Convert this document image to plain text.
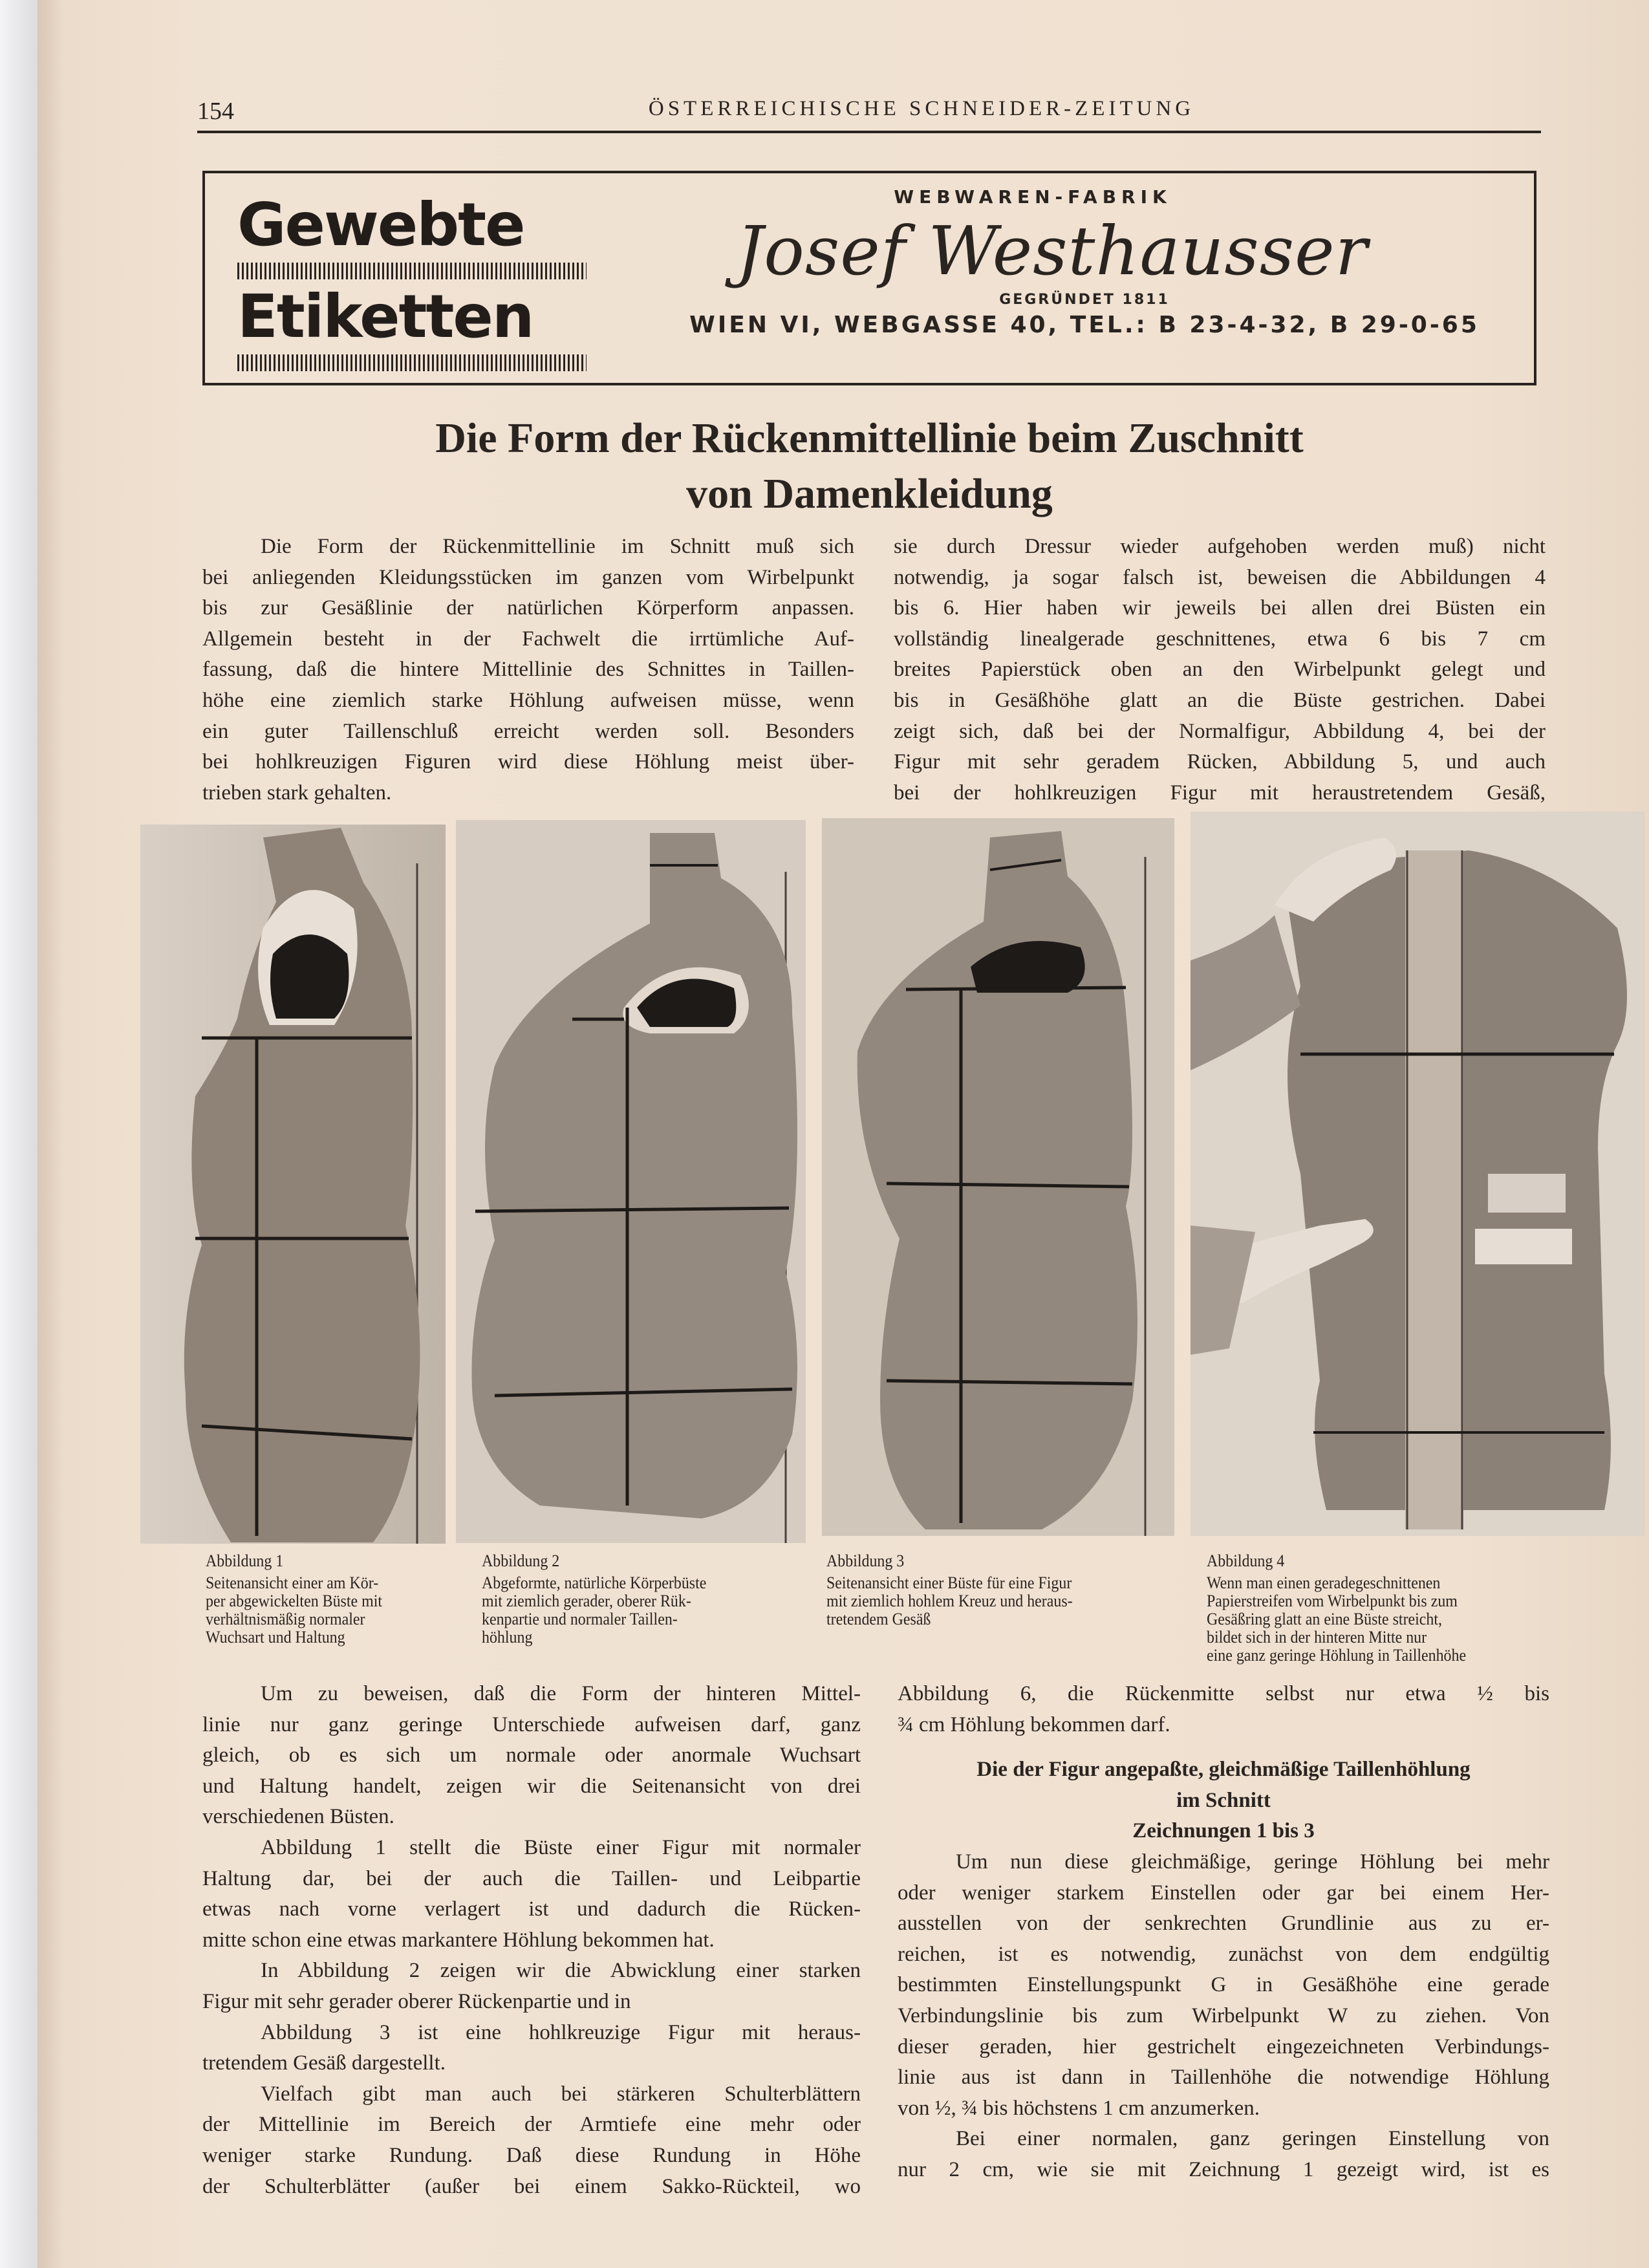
154	ÖSTERREICHISCHE SCHNEIDER-ZEITUNG
Gewebte
Etiketten
WEBWAREN-FABRIK
Josef Westhausser
GEGRÜNDET 1811
WIEN VI, WEBGASSE 40, TEL.: B 23-4-32, B 29-0-65
Die Form der Rückenmittellinie beim Zuschnitt
von Damenkleidung
Die Form der Rückenmittellinie im Schnitt muß sich
bei anliegenden Kleidungsstücken im ganzen vom Wirbelpunkt
bis zur Gesäßlinie der natürlichen Körperform anpassen.
Allgemein besteht in der Fachwelt die irrtümliche Auf-
fassung, daß die hintere Mittellinie des Schnittes in Taillen-
höhe eine ziemlich starke Höhlung aufweisen müsse, wenn
ein guter Taillenschluß erreicht werden soll. Besonders
bei hohlkreuzigen Figuren wird diese Höhlung meist über-
trieben stark gehalten.
sie durch Dressur wieder aufgehoben werden muß) nicht
notwendig, ja sogar falsch ist, beweisen die Abbildungen 4
bis 6. Hier haben wir jeweils bei allen drei Büsten ein
vollständig linealgerade geschnittenes, etwa 6 bis 7 cm
breites Papierstück oben an den Wirbelpunkt gelegt und
bis in Gesäßhöhe glatt an die Büste gestrichen. Dabei
zeigt sich, daß bei der Normalfigur, Abbildung 4, bei der
Figur mit sehr geradem Rücken, Abbildung 5, und auch
bei der hohlkreuzigen Figur mit heraustretendem Gesäß,
Abbildung 1
Seitenansicht einer am Kör-
per abgewickelten Büste mit
verhältnismäßig normaler
Wuchsart und Haltung
Abbildung 2
Abgeformte, natürliche Körperbüste
mit ziemlich gerader, oberer Rük-
kenpartie und normaler Taillen-
höhlung
Abbildung 3
Seitenansicht einer Büste für eine Figur
mit ziemlich hohlem Kreuz und heraus-
tretendem Gesäß
Abbildung 4
Wenn man einen geradegeschnittenen
Papierstreifen vom Wirbelpunkt bis zum
Gesäßring glatt an eine Büste streicht,
bildet sich in der hinteren Mitte nur
eine ganz geringe Höhlung in Taillenhöhe
Um zu beweisen, daß die Form der hinteren Mittel-
linie nur ganz geringe Unterschiede aufweisen darf, ganz
gleich, ob es sich um normale oder anormale Wuchsart
und Haltung handelt, zeigen wir die Seitenansicht von drei
verschiedenen Büsten.
Abbildung 1 stellt die Büste einer Figur mit normaler
Haltung dar, bei der auch die Taillen- und Leibpartie
etwas nach vorne verlagert ist und dadurch die Rücken-
mitte schon eine etwas markantere Höhlung bekommen hat.
In Abbildung 2 zeigen wir die Abwicklung einer starken
Figur mit sehr gerader oberer Rückenpartie und in
Abbildung 3 ist eine hohlkreuzige Figur mit heraus-
tretendem Gesäß dargestellt.
Vielfach gibt man auch bei stärkeren Schulterblättern
der Mittellinie im Bereich der Armtiefe eine mehr oder
weniger starke Rundung. Daß diese Rundung in Höhe
der Schulterblätter (außer bei einem Sakko-Rückteil, wo
Abbildung 6, die Rückenmitte selbst nur etwa ½ bis
¾ cm Höhlung bekommen darf.
Die der Figur angepaßte, gleichmäßige Taillenhöhlung
im Schnitt
Zeichnungen 1 bis 3
Um nun diese gleichmäßige, geringe Höhlung bei mehr
oder weniger starkem Einstellen oder gar bei einem Her-
ausstellen von der senkrechten Grundlinie aus zu er-
reichen, ist es notwendig, zunächst von dem endgültig
bestimmten Einstellungspunkt G in Gesäßhöhe eine gerade
Verbindungslinie bis zum Wirbelpunkt W zu ziehen. Von
dieser geraden, hier gestrichelt eingezeichneten Verbindungs-
linie aus ist dann in Taillenhöhe die notwendige Höhlung
von ½, ¾ bis höchstens 1 cm anzumerken.
Bei einer normalen, ganz geringen Einstellung von
nur 2 cm, wie sie mit Zeichnung 1 gezeigt wird, ist es
